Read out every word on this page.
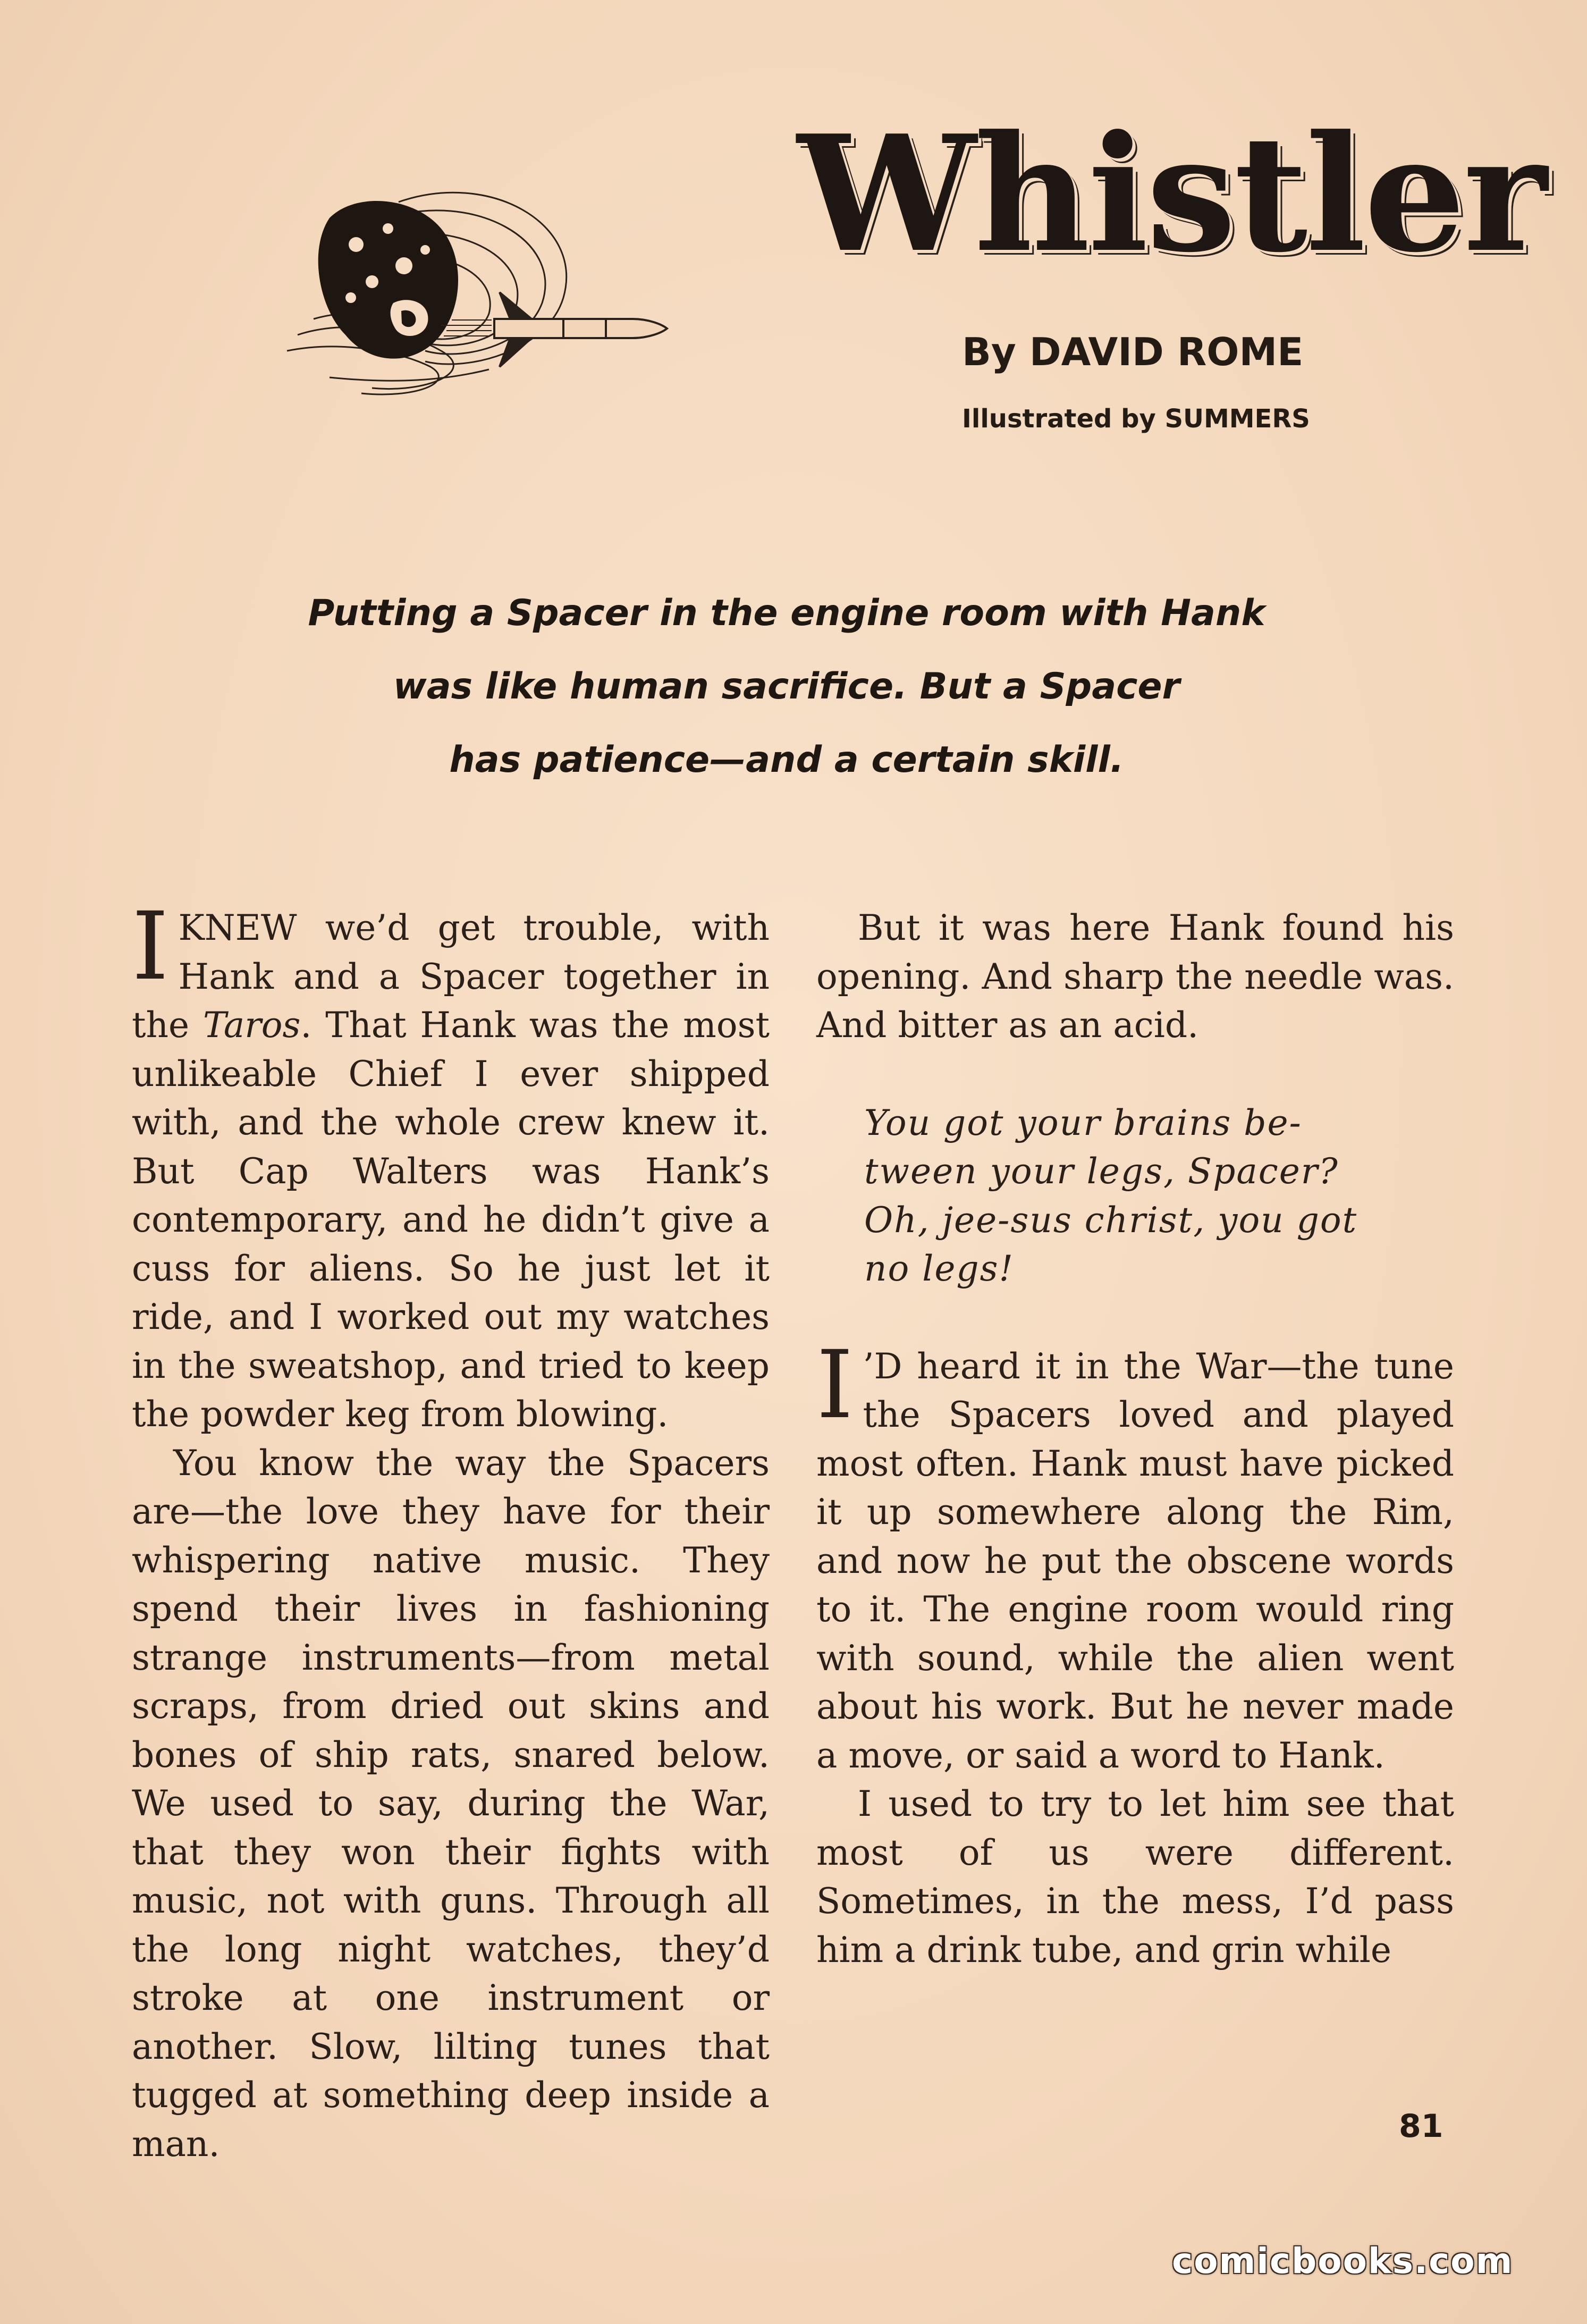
Whistler

By DAVID ROME

Illustrated by SUMMERS

Putting a Spacer in the engine room with Hank
was like human sacrifice. But a Spacer
has patience—and a certain skill.

IKNEW we’d get trouble, with Hank and a Spacer together in the Taros. That Hank was the most unlikeable Chief I ever shipped with, and the whole crew knew it. But Cap Walters was Hank’s contemporary, and he didn’t give a cuss for aliens. So he just let it ride, and I worked out my watches in the sweatshop, and tried to keep the powder keg from blowing.

You know the way the Spacers are—the love they have for their whispering native music. They spend their lives in fashioning strange instruments—from metal scraps, from dried out skins and bones of ship rats, snared below. We used to say, during the War, that they won their fights with music, not with guns. Through all the long night watches, they’d stroke at one instrument or another. Slow, lilting tunes that tugged at something deep inside a man.

But it was here Hank found his opening. And sharp the needle was. And bitter as an acid.

You got your brains be-
tween your legs, Spacer?
Oh, jee-sus christ, you got
no legs!

I ’D heard it in the War—the tune the Spacers loved and played most often. Hank must have picked it up somewhere along the Rim, and now he put the obscene words to it. The engine room would ring with sound, while the alien went about his work. But he never made a move, or said a word to Hank.

I used to try to let him see that most of us were different. Sometimes, in the mess, I’d pass him a drink tube, and grin while

81

comicbooks.com
